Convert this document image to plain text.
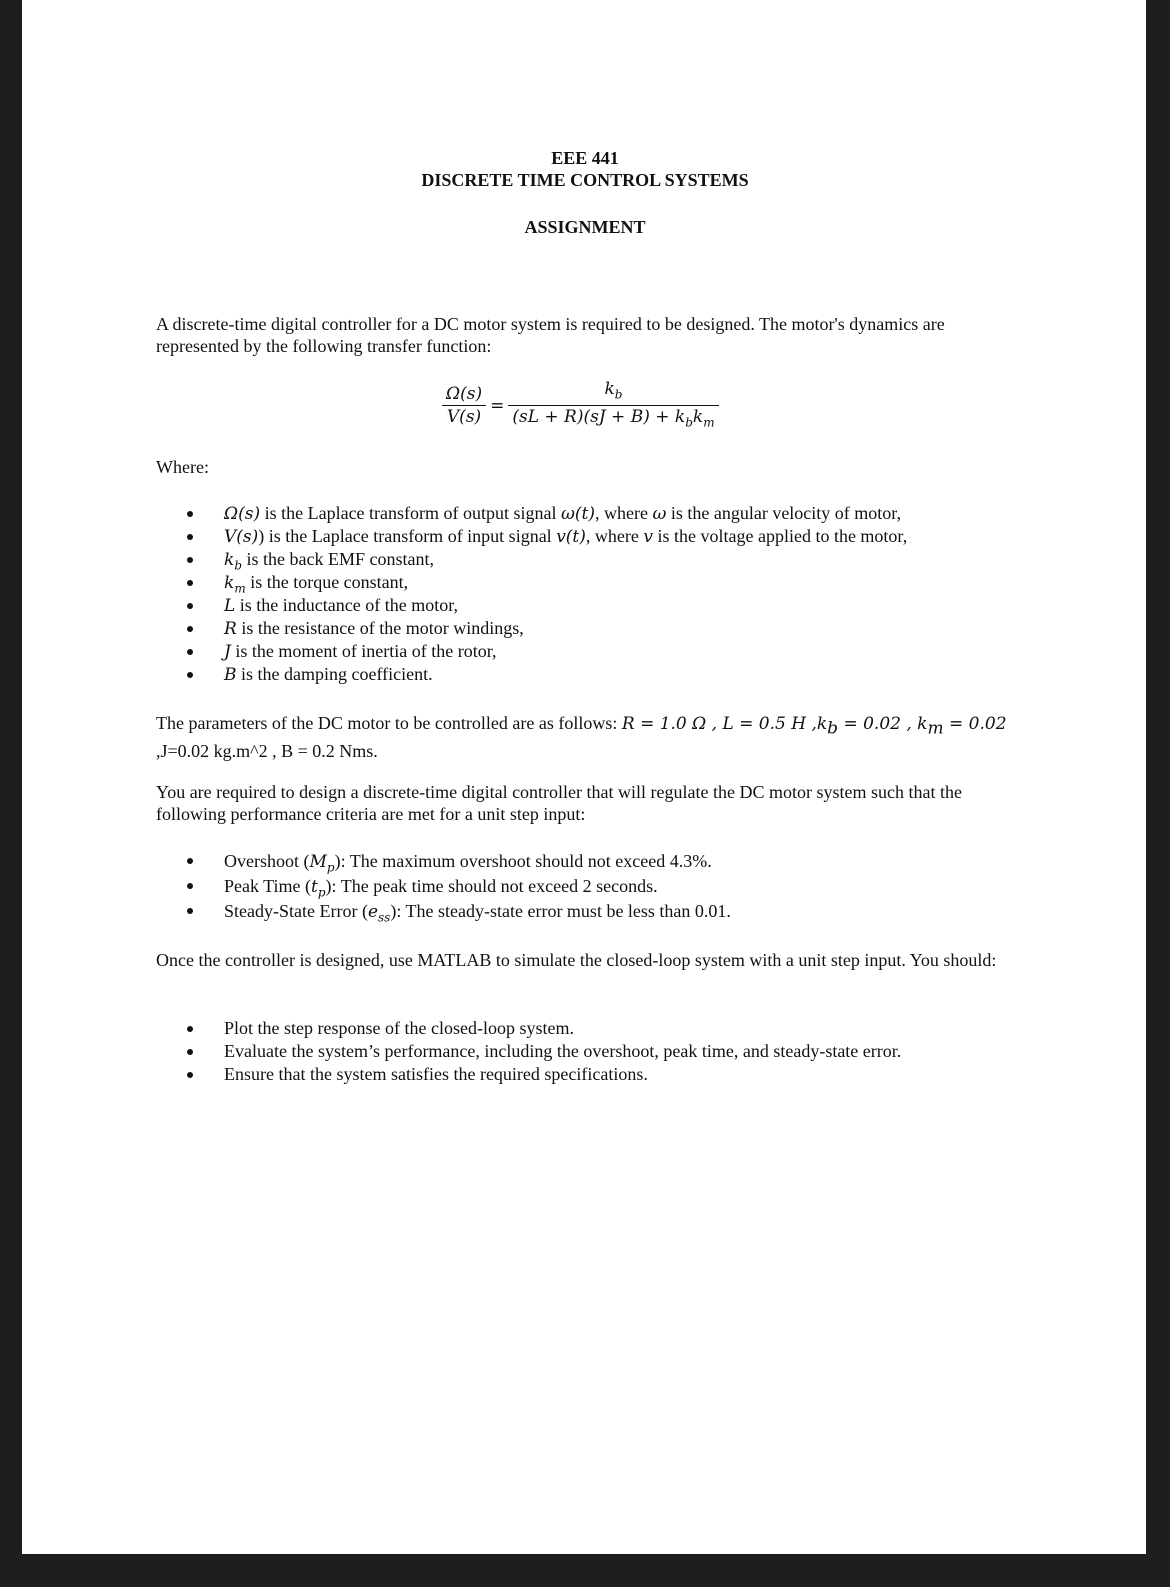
EEE 441
DISCRETE TIME CONTROL SYSTEMS
ASSIGNMENT
A discrete-time digital controller for a DC motor system is required to be designed. The motor's dynamics are represented by the following transfer function:
$\frac{\Omega(s)}{V(s)} = \frac{k_b}{(sL + R)(sJ + B) + k_bk_m}$
Where:
Ω(s) is the Laplace transform of output signal ω(t), where ω is the angular velocity of motor,
V(s)) is the Laplace transform of input signal v(t), where v is the voltage applied to the motor,
$k_b$ is the back EMF constant,
$k_m$ is the torque constant,
L is the inductance of the motor,
R is the resistance of the motor windings,
J is the moment of inertia of the rotor,
B is the damping coefficient.
The parameters of the DC motor to be controlled are as follows: R = 1.0 Ω , L = 0.5 H $,k_b = 0.02$ , $k_m = 0.02$
,J=0.02 kg.m^2 , B = 0.2 Nms.
You are required to design a discrete-time digital controller that will regulate the DC motor system such that the following performance criteria are met for a unit step input:
Overshoot $(M_p)$: The maximum overshoot should not exceed 4.3%.
Peak Time $(t_p)$: The peak time should not exceed 2 seconds.
Steady-State Error $(e_{ss})$: The steady-state error must be less than 0.01.
Once the controller is designed, use MATLAB to simulate the closed-loop system with a unit step input. You should:
Plot the step response of the closed-loop system.
Evaluate the system’s performance, including the overshoot, peak time, and steady-state error.
Ensure that the system satisfies the required specifications.
